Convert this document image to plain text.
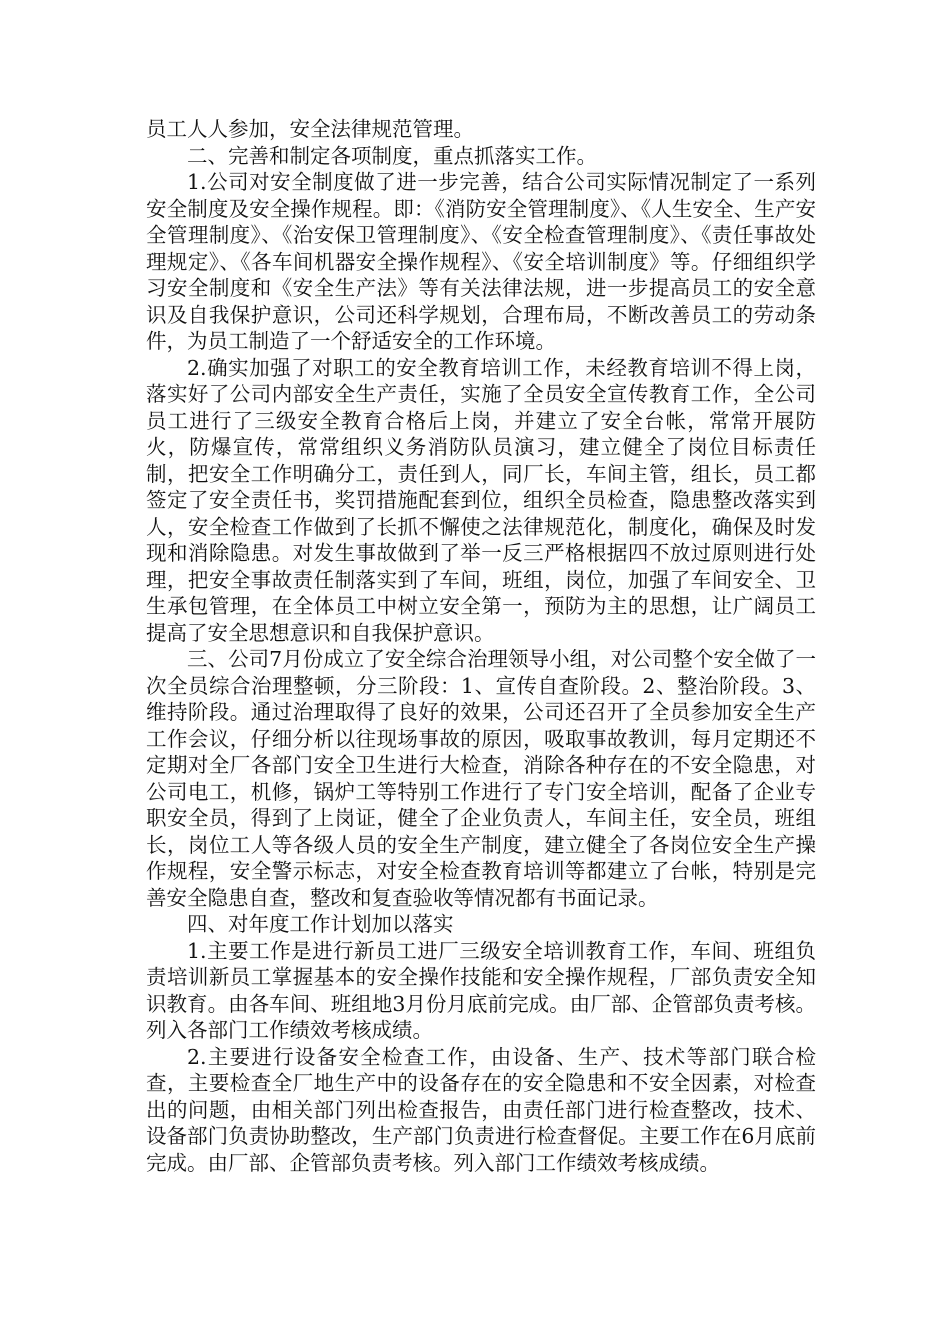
员工人人参加，安全法律规范管理。

二、完善和制定各项制度，重点抓落实工作。

1.公司对安全制度做了进一步完善，结合公司实际情况制定了一系列安全制度及安全操作规程。即：《消防安全管理制度》、《人生安全、生产安全管理制度》、《治安保卫管理制度》、《安全检查管理制度》、《责任事故处理规定》、《各车间机器安全操作规程》、《安全培训制度》等。仔细组织学习安全制度和《安全生产法》等有关法律法规，进一步提高员工的安全意识及自我保护意识，公司还科学规划，合理布局，不断改善员工的劳动条件，为员工制造了一个舒适安全的工作环境。

2.确实加强了对职工的安全教育培训工作，未经教育培训不得上岗，落实好了公司内部安全生产责任，实施了全员安全宣传教育工作，全公司员工进行了三级安全教育合格后上岗，并建立了安全台帐，常常开展防火，防爆宣传，常常组织义务消防队员演习，建立健全了岗位目标责任制，把安全工作明确分工，责任到人，同厂长，车间主管，组长，员工都签定了安全责任书，奖罚措施配套到位，组织全员检查，隐患整改落实到人，安全检查工作做到了长抓不懈使之法律规范化，制度化，确保及时发现和消除隐患。对发生事故做到了举一反三严格根据四不放过原则进行处理，把安全事故责任制落实到了车间，班组，岗位，加强了车间安全、卫生承包管理，在全体员工中树立安全第一，预防为主的思想，让广阔员工提高了安全思想意识和自我保护意识。

三、公司7月份成立了安全综合治理领导小组，对公司整个安全做了一次全员综合治理整顿，分三阶段：1、宣传自查阶段。2、整治阶段。3、维持阶段。通过治理取得了良好的效果，公司还召开了全员参加安全生产工作会议，仔细分析以往现场事故的原因，吸取事故教训，每月定期还不定期对全厂各部门安全卫生进行大检查，消除各种存在的不安全隐患，对公司电工，机修，锅炉工等特别工作进行了专门安全培训，配备了企业专职安全员，得到了上岗证，健全了企业负责人，车间主任，安全员，班组长，岗位工人等各级人员的安全生产制度，建立健全了各岗位安全生产操作规程，安全警示标志，对安全检查教育培训等都建立了台帐，特别是完善安全隐患自查，整改和复查验收等情况都有书面记录。

四、对年度工作计划加以落实

1.主要工作是进行新员工进厂三级安全培训教育工作，车间、班组负责培训新员工掌握基本的安全操作技能和安全操作规程，厂部负责安全知识教育。由各车间、班组地3月份月底前完成。由厂部、企管部负责考核。列入各部门工作绩效考核成绩。

2.主要进行设备安全检查工作，由设备、生产、技术等部门联合检查，主要检查全厂地生产中的设备存在的安全隐患和不安全因素，对检查出的问题，由相关部门列出检查报告，由责任部门进行检查整改，技术、设备部门负责协助整改，生产部门负责进行检查督促。主要工作在6月底前完成。由厂部、企管部负责考核。列入部门工作绩效考核成绩。
